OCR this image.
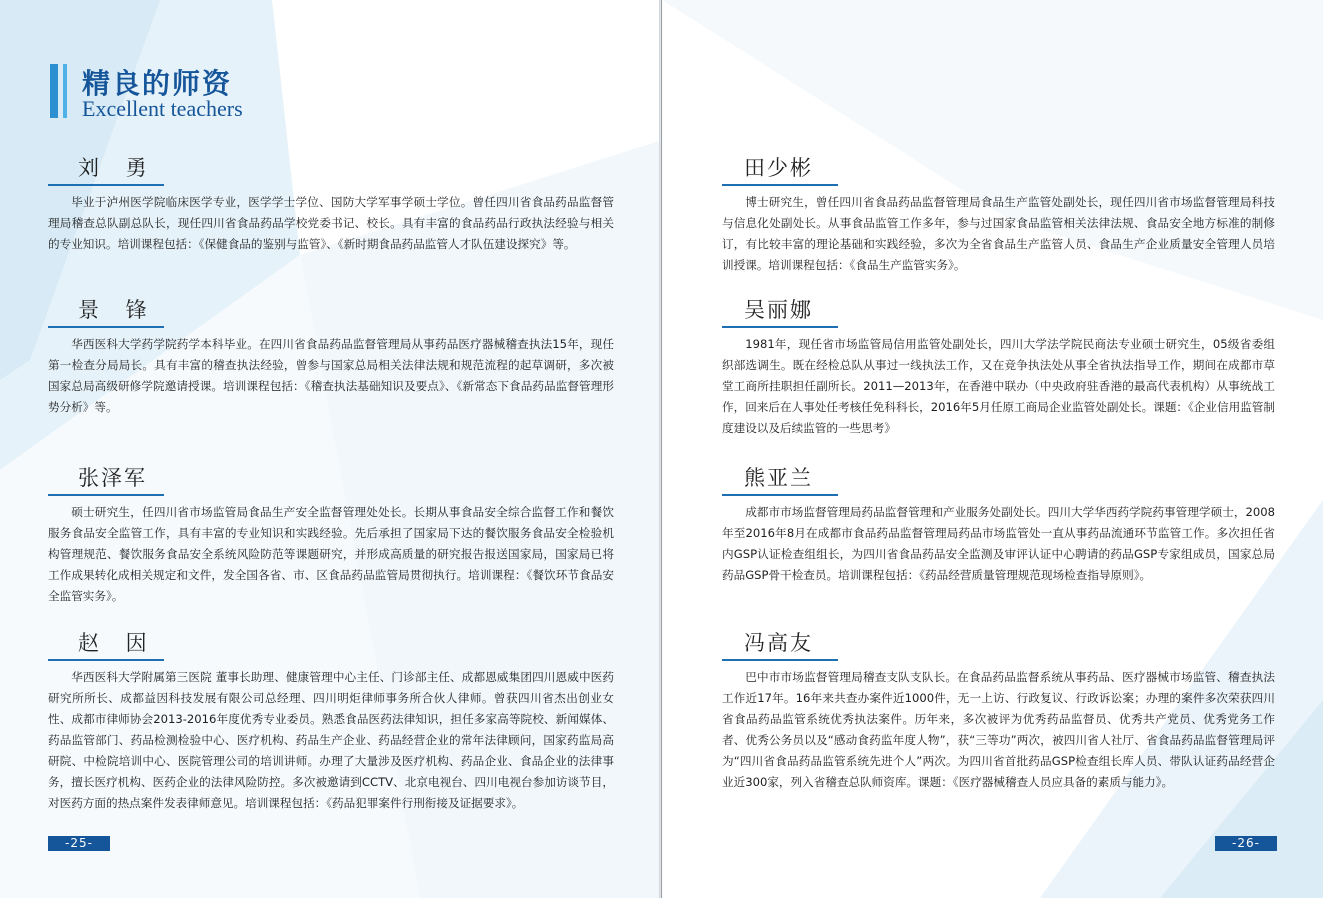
精良的师资
Excellent teachers
刘 勇
毕业于泸州医学院临床医学专业，医学学士学位、国防大学军事学硕士学位。曾任四川省食品药品监督管理局稽查总队副总队长，现任四川省食品药品学校党委书记、校长。具有丰富的食品药品行政执法经验与相关的专业知识。培训课程包括：《保健食品的鉴别与监管》、《新时期食品药品监管人才队伍建设探究》等。
景 锋
华西医科大学药学院药学本科毕业。在四川省食品药品监督管理局从事药品医疗器械稽查执法15年，现任第一检查分局局长。具有丰富的稽查执法经验，曾参与国家总局相关法律法规和规范流程的起草调研，多次被国家总局高级研修学院邀请授课。培训课程包括：《稽查执法基础知识及要点》、《新常态下食品药品监督管理形势分析》等。
张泽军
硕士研究生，任四川省市场监管局食品生产安全监督管理处处长。长期从事食品安全综合监督工作和餐饮服务食品安全监管工作，具有丰富的专业知识和实践经验。先后承担了国家局下达的餐饮服务食品安全检验机构管理规范、餐饮服务食品安全系统风险防范等课题研究，并形成高质量的研究报告报送国家局，国家局已将工作成果转化成相关规定和文件，发全国各省、市、区食品药品监管局贯彻执行。培训课程：《餐饮环节食品安全监管实务》。
赵 因
华西医科大学附属第三医院 董事长助理、健康管理中心主任、门诊部主任、成都恩威集团四川恩威中医药研究所所长、成都益因科技发展有限公司总经理、四川明炬律师事务所合伙人律师。曾获四川省杰出创业女性、成都市律师协会2013-2016年度优秀专业委员。熟悉食品医药法律知识，担任多家高等院校、新闻媒体、药品监管部门、药品检测检验中心、医疗机构、药品生产企业、药品经营企业的常年法律顾问，国家药监局高研院、中检院培训中心、医院管理公司的培训讲师。办理了大量涉及医疗机构、药品企业、食品企业的法律事务，擅长医疗机构、医药企业的法律风险防控。多次被邀请到CCTV、北京电视台、四川电视台参加访谈节目，对医药方面的热点案件发表律师意见。培训课程包括：《药品犯罪案件行刑衔接及证据要求》。
-25-
田少彬
博士研究生，曾任四川省食品药品监督管理局食品生产监管处副处长，现任四川省市场监督管理局科技与信息化处副处长。从事食品监管工作多年，参与过国家食品监管相关法律法规、食品安全地方标准的制修订，有比较丰富的理论基础和实践经验，多次为全省食品生产监管人员、食品生产企业质量安全管理人员培训授课。培训课程包括：《食品生产监管实务》。
吴丽娜
1981年，现任省市场监管局信用监管处副处长，四川大学法学院民商法专业硕士研究生，05级省委组织部选调生。既在经检总队从事过一线执法工作，又在竞争执法处从事全省执法指导工作，期间在成都市草堂工商所挂职担任副所长。2011—2013年，在香港中联办（中央政府驻香港的最高代表机构）从事统战工作，回来后在人事处任考核任免科科长，2016年5月任原工商局企业监管处副处长。课题：《企业信用监管制度建设以及后续监管的一些思考》
熊亚兰
成都市市场监督管理局药品监督管理和产业服务处副处长。四川大学华西药学院药事管理学硕士，2008年至2016年8月在成都市食品药品监督管理局药品市场监管处一直从事药品流通环节监管工作。多次担任省内GSP认证检查组组长，为四川省食品药品安全监测及审评认证中心聘请的药品GSP专家组成员，国家总局药品GSP骨干检查员。培训课程包括：《药品经营质量管理规范现场检查指导原则》。
冯高友
巴中市市场监督管理局稽查支队支队长。在食品药品监督系统从事药品、医疗器械市场监管、稽查执法工作近17年。16年来共查办案件近1000件，无一上访、行政复议、行政诉讼案；办理的案件多次荣获四川省食品药品监管系统优秀执法案件。历年来，多次被评为优秀药品监督员、优秀共产党员、优秀党务工作者、优秀公务员以及“感动食药监年度人物”，获“三等功”两次，被四川省人社厅、省食品药品监督管理局评为“四川省食品药品监管系统先进个人”两次。为四川省首批药品GSP检查组长库人员、带队认证药品经营企业近300家，列入省稽查总队师资库。课题：《医疗器械稽查人员应具备的素质与能力》。
-26-
